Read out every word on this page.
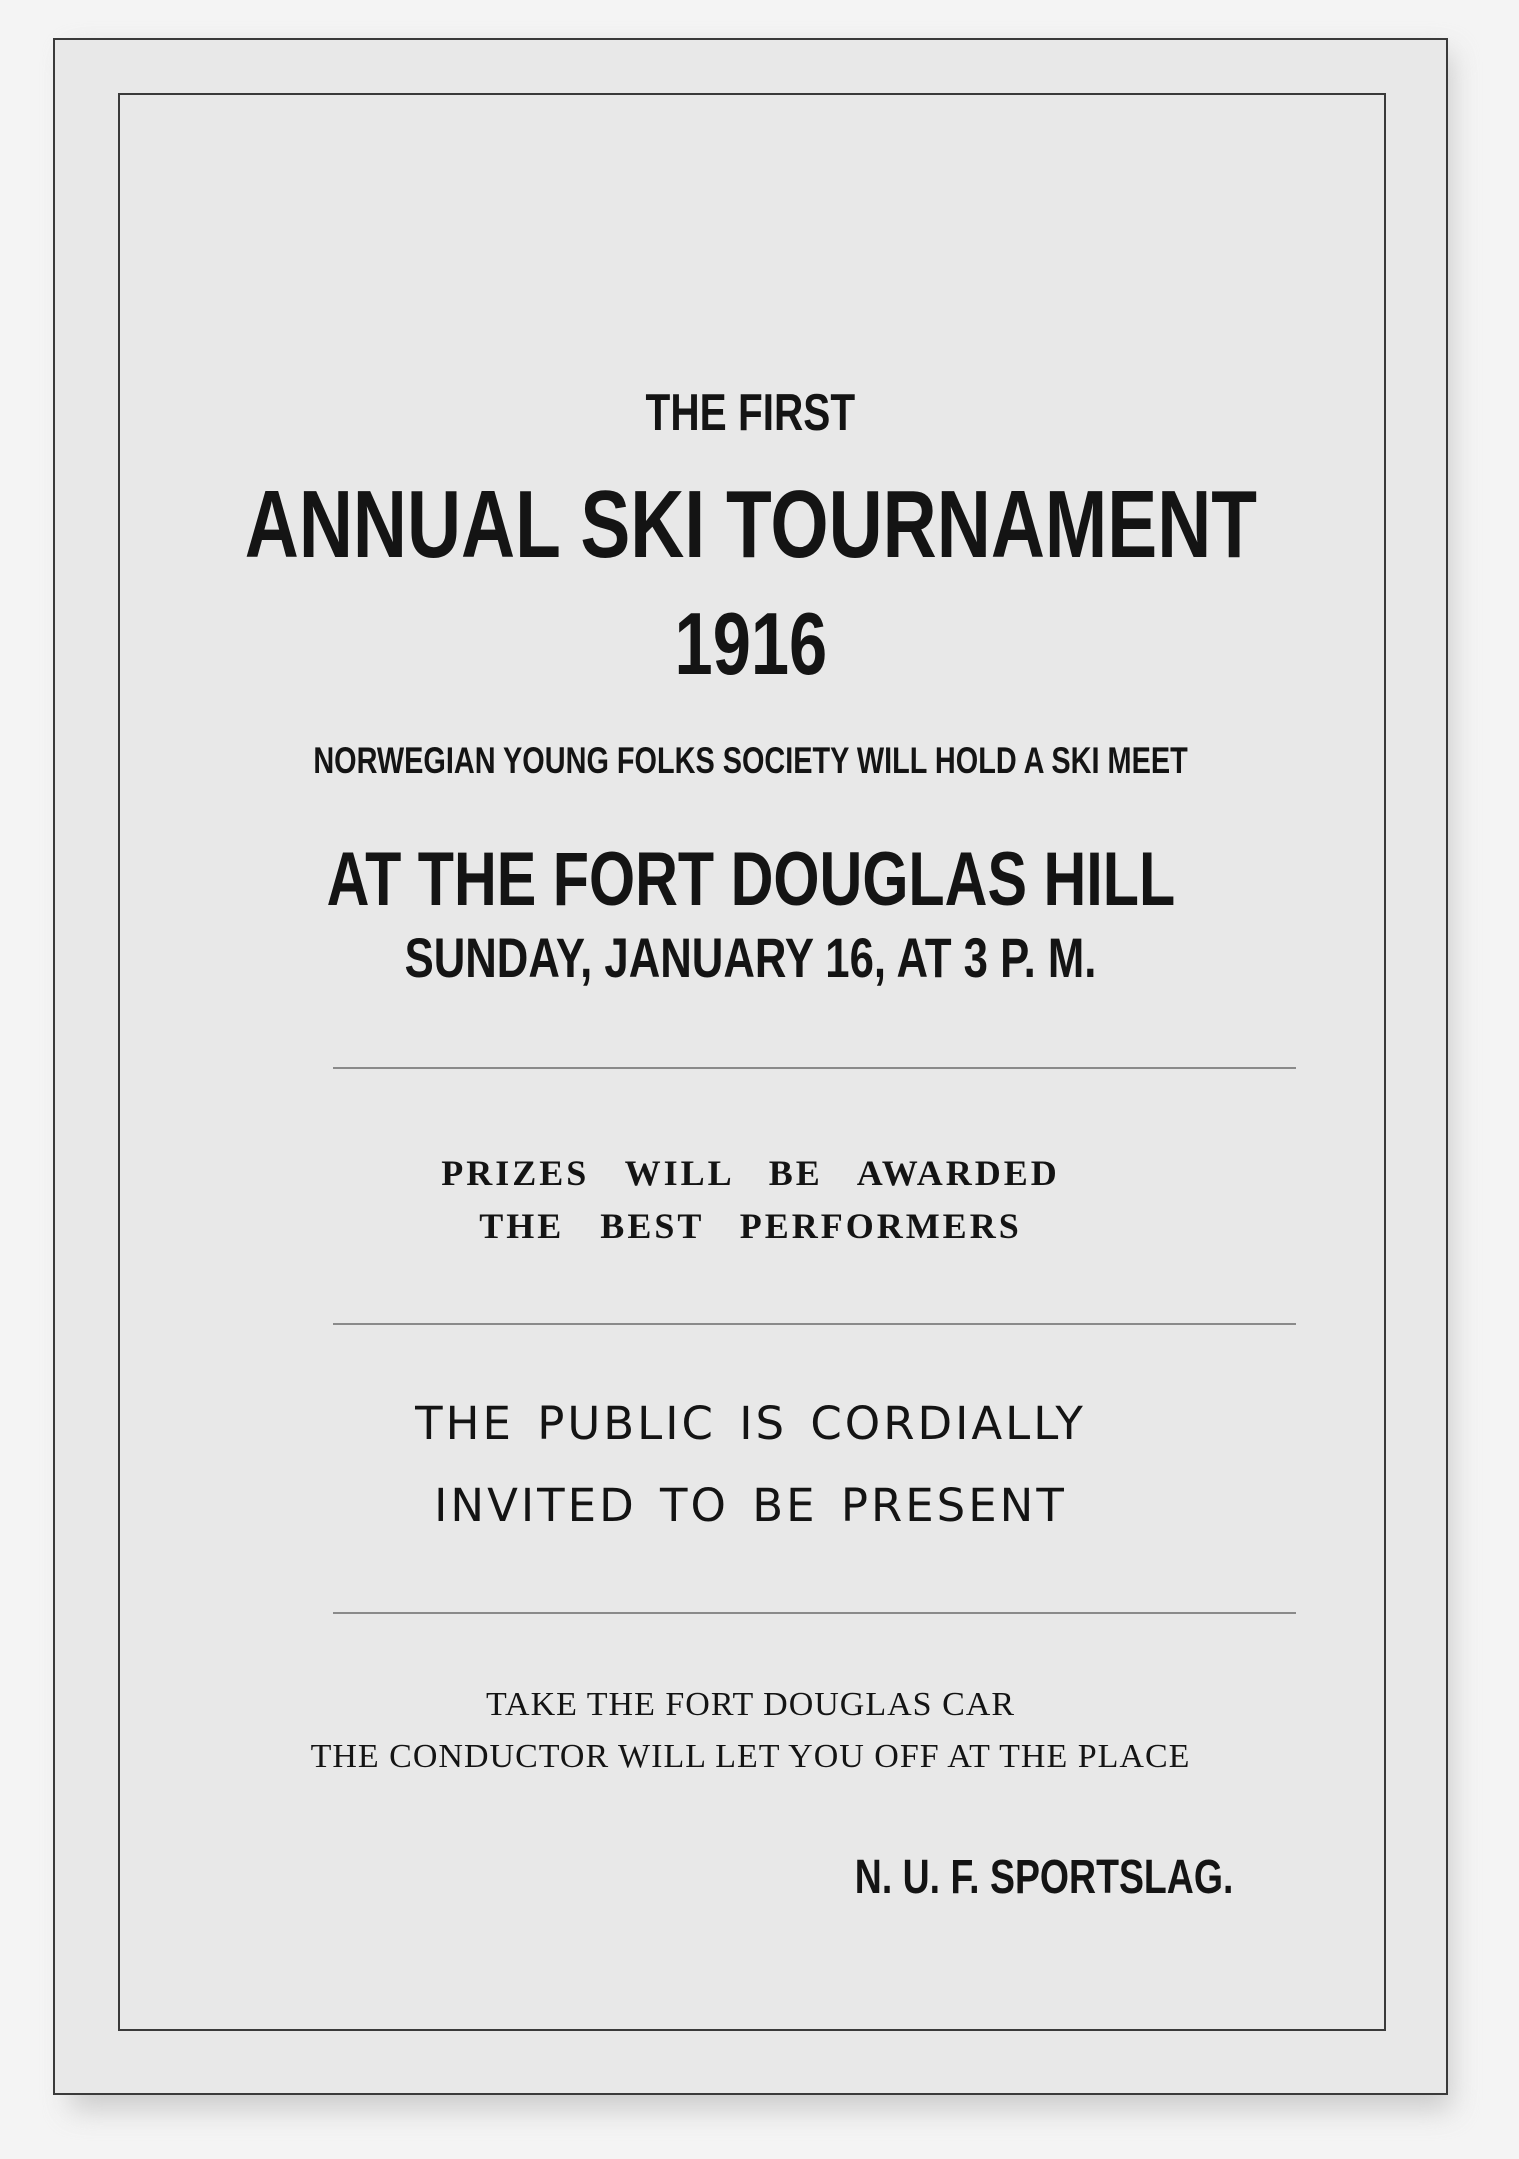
THE FIRST
ANNUAL SKI TOURNAMENT
1916
NORWEGIAN YOUNG FOLKS SOCIETY WILL HOLD A SKI MEET
AT THE FORT DOUGLAS HILL
SUNDAY, JANUARY 16, AT 3 P. M.
PRIZES WILL BE AWARDED
THE BEST PERFORMERS
THE PUBLIC IS CORDIALLY
INVITED TO BE PRESENT
TAKE THE FORT DOUGLAS CAR
THE CONDUCTOR WILL LET YOU OFF AT THE PLACE
N. U. F. SPORTSLAG.
